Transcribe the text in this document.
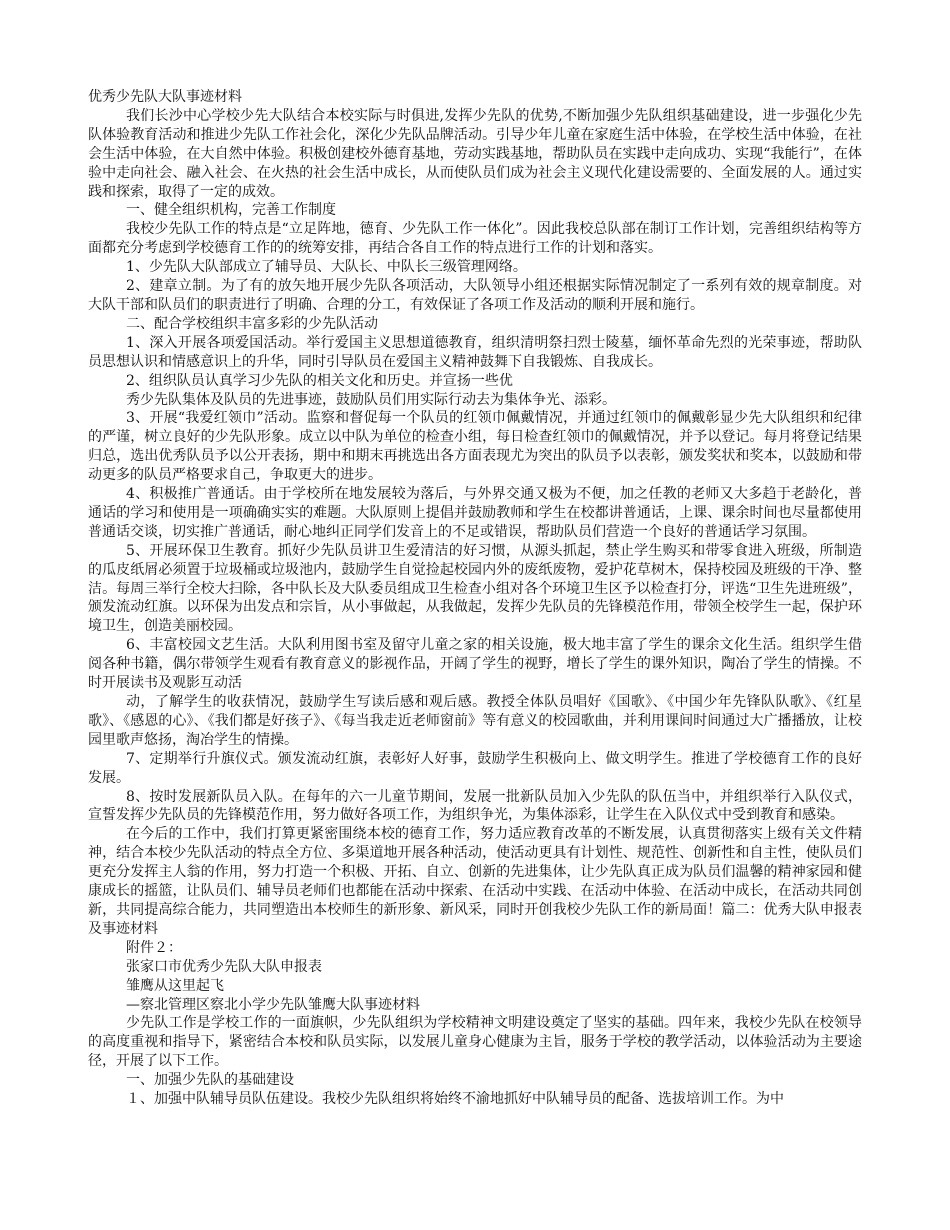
优秀少先队大队事迹材料

我们长沙中心学校少先大队结合本校实际与时俱进,发挥少先队的优势,不断加强少先队组织基础建设，进一步强化少先队体验教育活动和推进少先队工作社会化，深化少先队品牌活动。引导少年儿童在家庭生活中体验，在学校生活中体验，在社会生活中体验，在大自然中体验。积极创建校外德育基地，劳动实践基地，帮助队员在实践中走向成功、实现“我能行”，在体验中走向社会、融入社会、在火热的社会生活中成长，从而使队员们成为社会主义现代化建设需要的、全面发展的人。通过实践和探索，取得了一定的成效。

一、健全组织机构，完善工作制度

我校少先队工作的特点是“立足阵地，德育、少先队工作一体化”。因此我校总队部在制订工作计划，完善组织结构等方面都充分考虑到学校德育工作的的统筹安排，再结合各自工作的特点进行工作的计划和落实。

1、少先队大队部成立了辅导员、大队长、中队长三级管理网络。

2、建章立制。为了有的放矢地开展少先队各项活动，大队领导小组还根据实际情况制定了一系列有效的规章制度。对大队干部和队员们的职责进行了明确、合理的分工，有效保证了各项工作及活动的顺利开展和施行。

二、配合学校组织丰富多彩的少先队活动

1、深入开展各项爱国活动。举行爱国主义思想道德教育，组织清明祭扫烈士陵墓，缅怀革命先烈的光荣事迹，帮助队员思想认识和情感意识上的升华，同时引导队员在爱国主义精神鼓舞下自我锻炼、自我成长。

2、组织队员认真学习少先队的相关文化和历史。并宣扬一些优

秀少先队集体及队员的先进事迹，鼓励队员们用实际行动去为集体争光、添彩。

3、开展“我爱红领巾”活动。监察和督促每一个队员的红领巾佩戴情况，并通过红领巾的佩戴彰显少先大队组织和纪律的严谨，树立良好的少先队形象。成立以中队为单位的检查小组，每日检查红领巾的佩戴情况，并予以登记。每月将登记结果归总，选出优秀队员予以公开表扬，期中和期末再挑选出各方面表现尤为突出的队员予以表彰，颁发奖状和奖本，以鼓励和带动更多的队员严格要求自己，争取更大的进步。

4、积极推广普通话。由于学校所在地发展较为落后，与外界交通又极为不便，加之任教的老师又大多趋于老龄化，普通话的学习和使用是一项确确实实的难题。大队原则上提倡并鼓励教师和学生在校都讲普通话，上课、课余时间也尽量都使用普通话交谈，切实推广普通话，耐心地纠正同学们发音上的不足或错误，帮助队员们营造一个良好的普通话学习氛围。

5、开展环保卫生教育。抓好少先队员讲卫生爱清洁的好习惯，从源头抓起，禁止学生购买和带零食进入班级，所制造的瓜皮纸屑必须置于垃圾桶或垃圾池内，鼓励学生自觉捡起校园内外的废纸废物，爱护花草树木，保持校园及班级的干净、整洁。每周三举行全校大扫除，各中队长及大队委员组成卫生检查小组对各个环境卫生区予以检查打分，评选“卫生先进班级”，颁发流动红旗。以环保为出发点和宗旨，从小事做起，从我做起，发挥少先队员的先锋模范作用，带领全校学生一起，保护环境卫生，创造美丽校园。

6、丰富校园文艺生活。大队利用图书室及留守儿童之家的相关设施，极大地丰富了学生的课余文化生活。组织学生借阅各种书籍，偶尔带领学生观看有教育意义的影视作品，开阔了学生的视野，增长了学生的课外知识，陶冶了学生的情操。不时开展读书及观影互动活

动，了解学生的收获情况，鼓励学生写读后感和观后感。教授全体队员唱好《国歌》、《中国少年先锋队队歌》、《红星歌》、《感恩的心》、《我们都是好孩子》、《每当我走近老师窗前》等有意义的校园歌曲，并利用课间时间通过大广播播放，让校园里歌声悠扬，淘冶学生的情操。

7、定期举行升旗仪式。颁发流动红旗，表彰好人好事，鼓励学生积极向上、做文明学生。推进了学校德育工作的良好发展。

8、按时发展新队员入队。在每年的六一儿童节期间，发展一批新队员加入少先队的队伍当中，并组织举行入队仪式，宣誓发挥少先队员的先锋模范作用，努力做好各项工作，为组织争光，为集体添彩，让学生在入队仪式中受到教育和感染。

在今后的工作中，我们打算更紧密围绕本校的德育工作，努力适应教育改革的不断发展，认真贯彻落实上级有关文件精神，结合本校少先队活动的特点全方位、多渠道地开展各种活动，使活动更具有计划性、规范性、创新性和自主性，使队员们更充分发挥主人翁的作用，努力打造一个积极、开拓、自立、创新的先进集体，让少先队真正成为队员们温馨的精神家园和健康成长的摇篮，让队员们、辅导员老师们也都能在活动中探索、在活动中实践、在活动中体验、在活动中成长，在活动共同创新，共同提高综合能力，共同塑造出本校师生的新形象、新风采，同时开创我校少先队工作的新局面！篇二：优秀大队申报表及事迹材料

附件２：

张家口市优秀少先队大队申报表

雏鹰从这里起飞

—察北管理区察北小学少先队雏鹰大队事迹材料

少先队工作是学校工作的一面旗帜，少先队组织为学校精神文明建设奠定了坚实的基础。四年来，我校少先队在校领导的高度重视和指导下，紧密结合本校和队员实际，以发展儿童身心健康为主旨，服务于学校的教学活动，以体验活动为主要途径，开展了以下工作。

一、加强少先队的基础建设

１、加强中队辅导员队伍建设。我校少先队组织将始终不渝地抓好中队辅导员的配备、选拔培训工作。为中
